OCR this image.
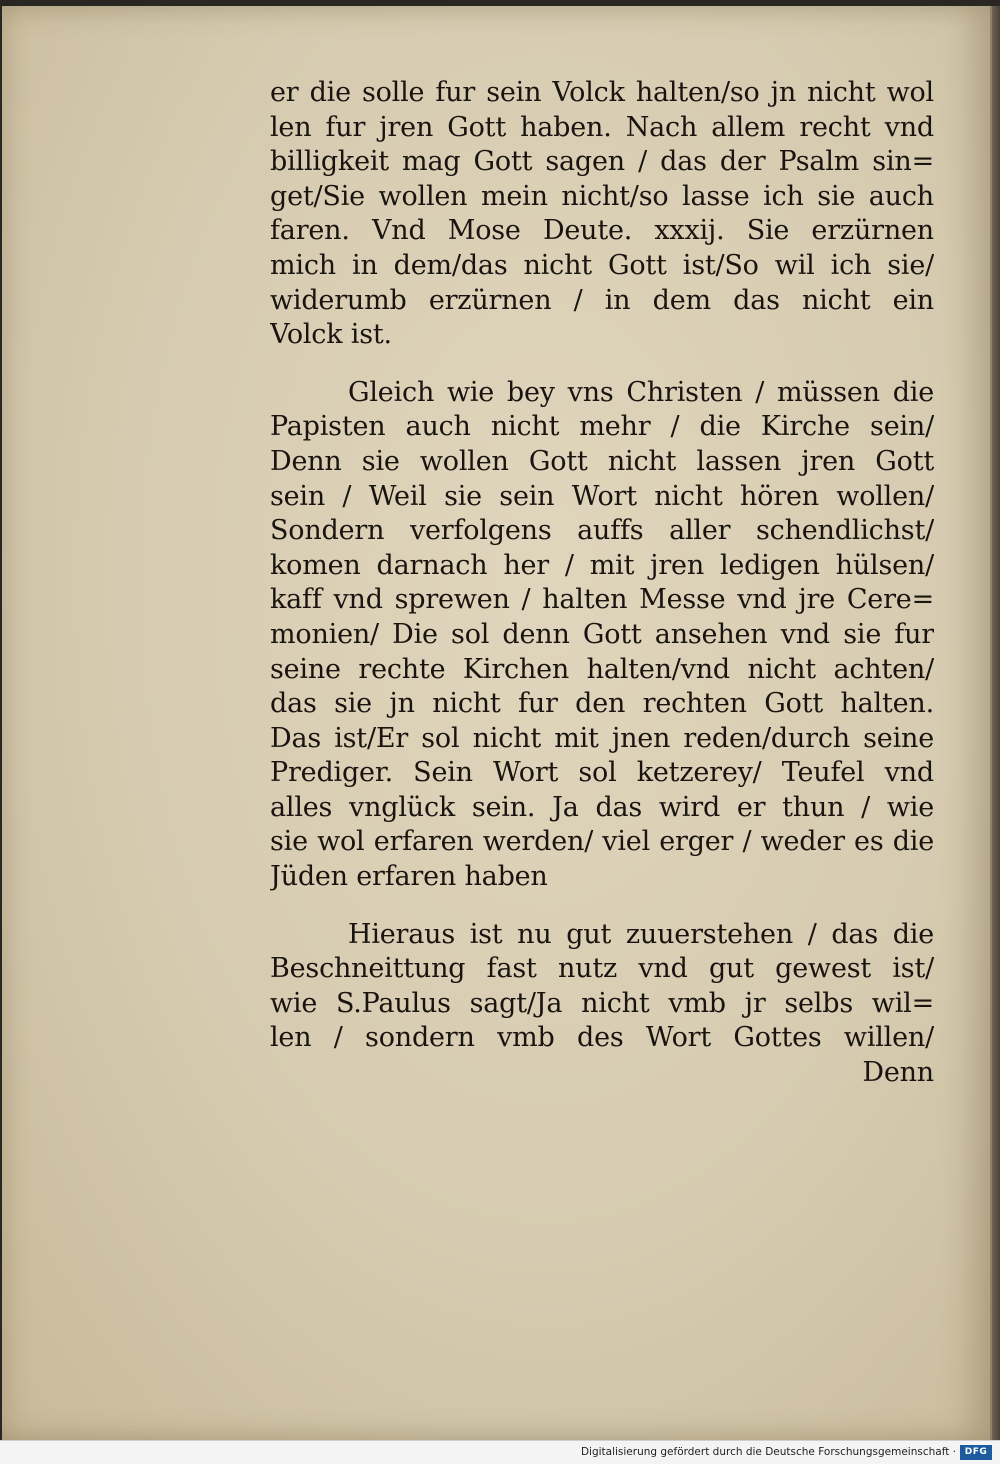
er die solle fur sein Volck halten/so jn nicht wol
len fur jren Gott haben. Nach allem recht vnd
billigkeit mag Gott sagen / das der Psalm sin=
get/Sie wollen mein nicht/so lasse ich sie auch
faren. Vnd Mose Deute. xxxij. Sie erzürnen
mich in dem/das nicht Gott ist/So wil ich sie/
widerumb erzürnen / in dem das nicht ein
Volck ist.
Gleich wie bey vns Christen / müssen die
Papisten auch nicht mehr / die Kirche sein/
Denn sie wollen Gott nicht lassen jren Gott
sein / Weil sie sein Wort nicht hören wollen/
Sondern verfolgens auffs aller schendlichst/
komen darnach her / mit jren ledigen hülsen/
kaff vnd sprewen / halten Messe vnd jre Cere=
monien/ Die sol denn Gott ansehen vnd sie fur
seine rechte Kirchen halten/vnd nicht achten/
das sie jn nicht fur den rechten Gott halten.
Das ist/Er sol nicht mit jnen reden/durch seine
Prediger. Sein Wort sol ketzerey/ Teufel vnd
alles vnglück sein. Ja das wird er thun / wie
sie wol erfaren werden/ viel erger / weder es die
Jüden erfaren haben
Hieraus ist nu gut zuuerstehen / das die
Beschneittung fast nutz vnd gut gewest ist/
wie S.Paulus sagt/Ja nicht vmb jr selbs wil=
len / sondern vmb des Wort Gottes willen/
Denn
Digitalisierung gefördert durch die Deutsche Forschungsgemeinschaft · DFG
